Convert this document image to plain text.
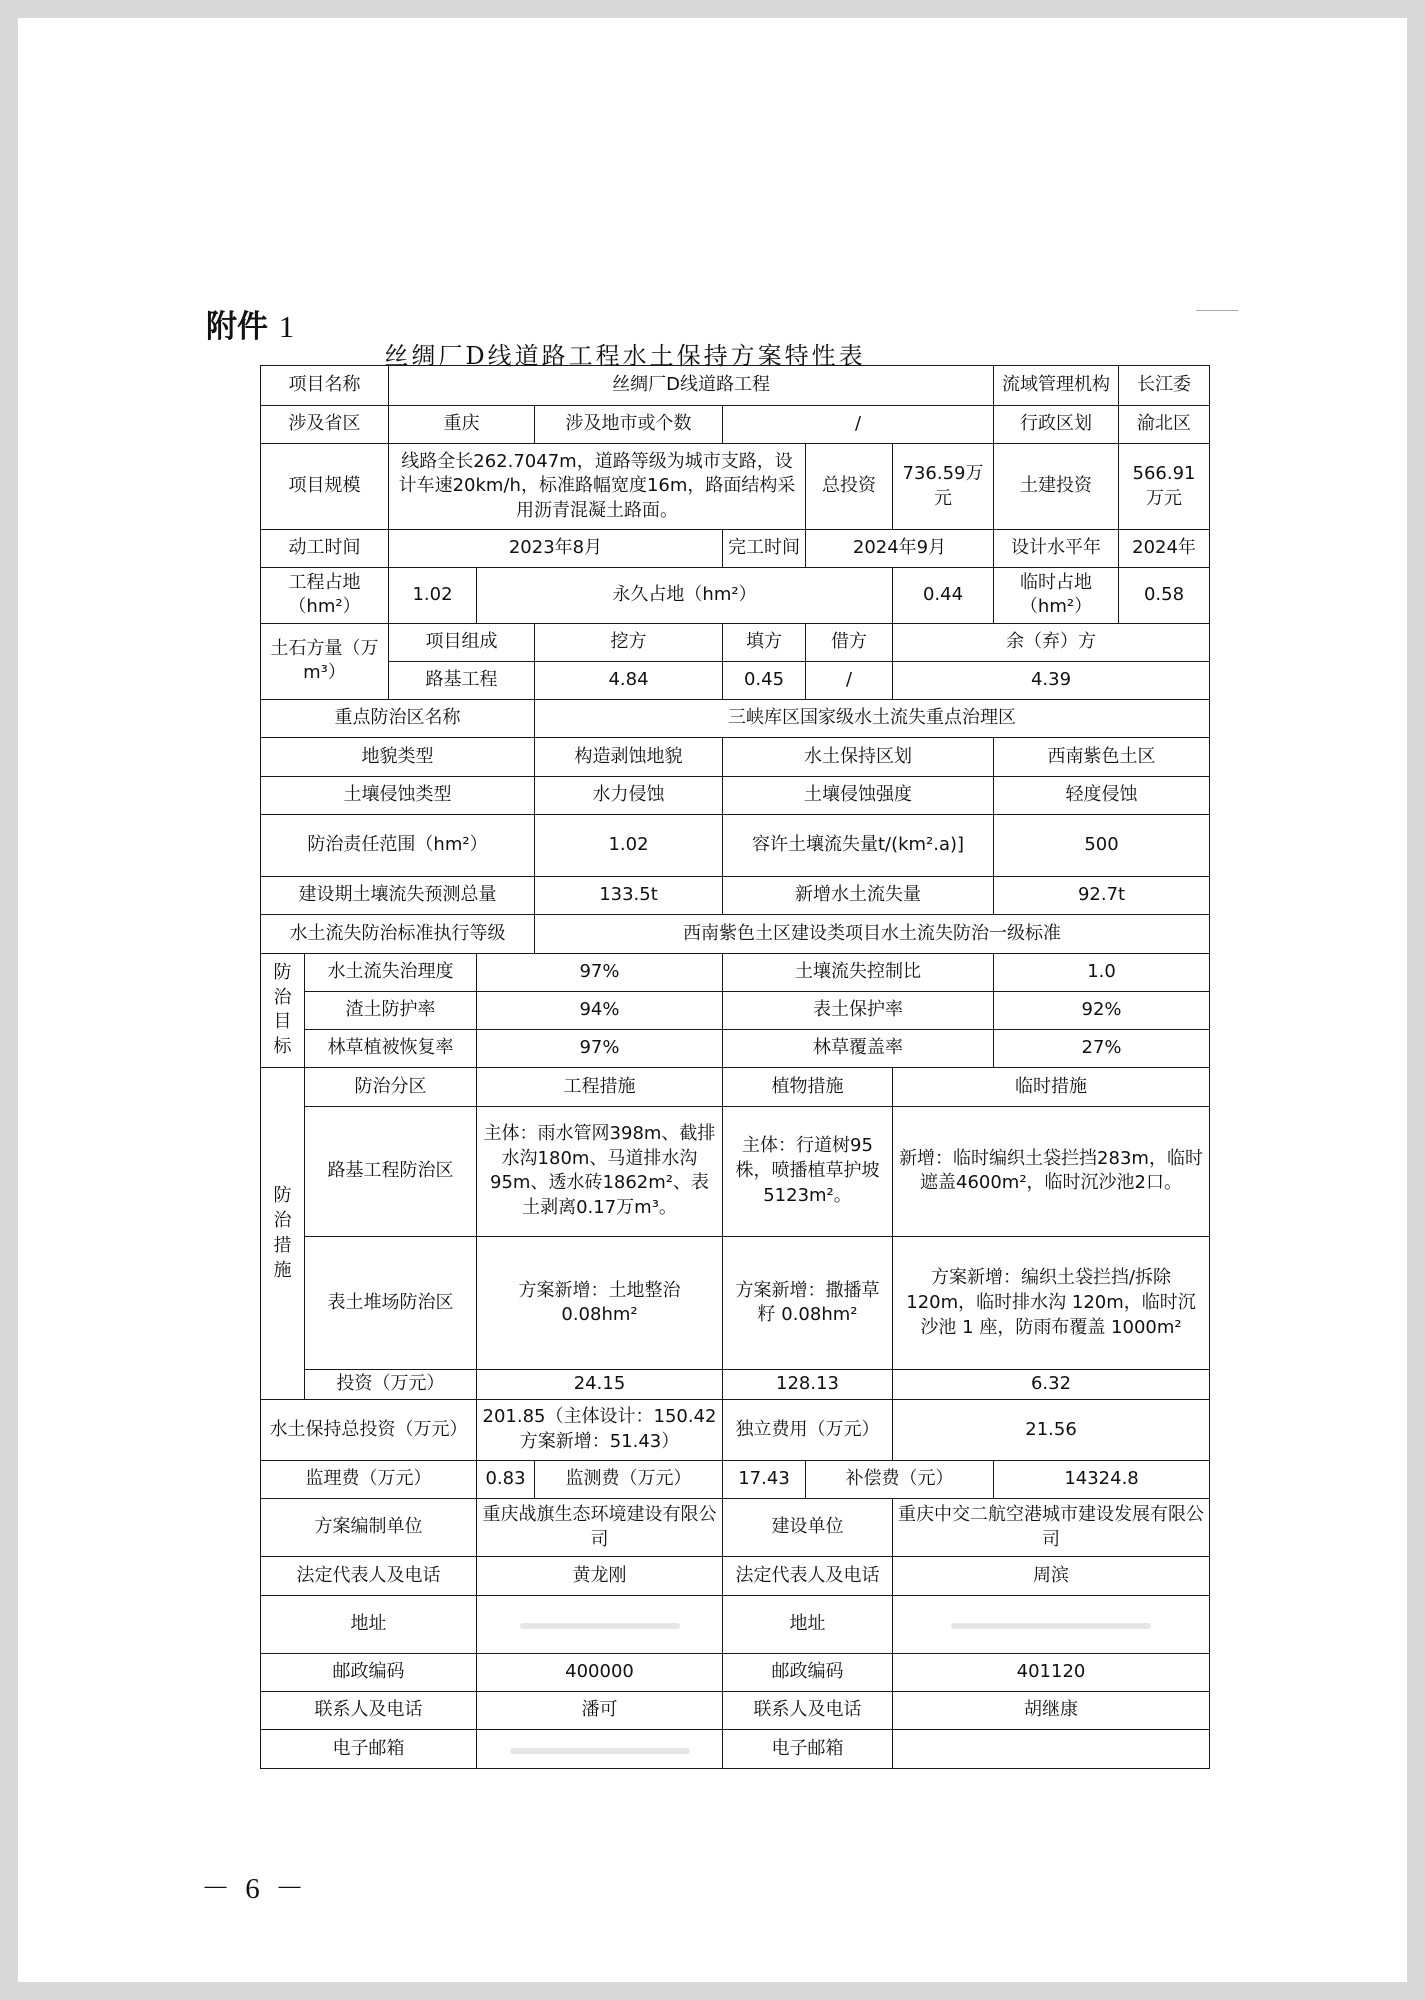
附件 1
丝绸厂D线道路工程水土保持方案特性表
项目名称		丝绸厂D线道路工程						流域管理机构	长江委
涉及省区		重庆		涉及地市或个数	/			行政区划	渝北区
项目规模		线路全长262.7047m，道路等级为城市支路，设计车速20km/h，标准路幅宽度16m，路面结构采用沥青混凝土路面。				总投资	736.59万元	土建投资	566.91万元
动工时间		2023年8月			完工时间	2024年9月		设计水平年	2024年
工程占地（hm²）		1.02	永久占地（hm²）				0.44	临时占地（hm²）	0.58
土石方量（万m³）		项目组成		挖方	填方	借方	余（弃）方		
		路基工程		4.84	0.45	/	4.39		
重点防治区名称				三峡库区国家级水土流失重点治理区					
地貌类型				构造剥蚀地貌	水土保持区划			西南紫色土区	
土壤侵蚀类型				水力侵蚀	土壤侵蚀强度			轻度侵蚀	
防治责任范围（hm²）				1.02	容许土壤流失量t/(km².a)]			500	
建设期土壤流失预测总量				133.5t	新增水土流失量			92.7t	
水土流失防治标准执行等级				西南紫色土区建设类项目水土流失防治一级标准					
防
治
目
标	水土流失治理度		97%		土壤流失控制比			1.0	
	渣土防护率		94%		表土保护率			92%	
	林草植被恢复率		97%		林草覆盖率			27%	
防
治
措
施	防治分区		工程措施		植物措施		临时措施		
	路基工程防治区		主体：雨水管网398m、截排水沟180m、马道排水沟95m、透水砖1862m²、表土剥离0.17万m³。		主体：行道树95株，喷播植草护坡5123m²。		新增：临时编织土袋拦挡283m，临时遮盖4600m²，临时沉沙池2口。		
	表土堆场防治区		方案新增：土地整治0.08hm²		方案新增：撒播草籽 0.08hm²		方案新增：编织土袋拦挡/拆除 120m，临时排水沟 120m，临时沉沙池 1 座，防雨布覆盖 1000m²		
	投资（万元）		24.15		128.13		6.32		
水土保持总投资（万元）			201.85（主体设计：150.42 方案新增：51.43）		独立费用（万元）		21.56		
监理费（万元）			0.83	监测费（万元）	17.43	补偿费（元）		14324.8	
方案编制单位			重庆战旗生态环境建设有限公司		建设单位		重庆中交二航空港城市建设发展有限公司		
法定代表人及电话			黄龙刚		法定代表人及电话		周滨		
地址					地址				
邮政编码			400000		邮政编码		401120		
联系人及电话			潘可		联系人及电话		胡继康		
电子邮箱					电子邮箱				
－ 6 －
